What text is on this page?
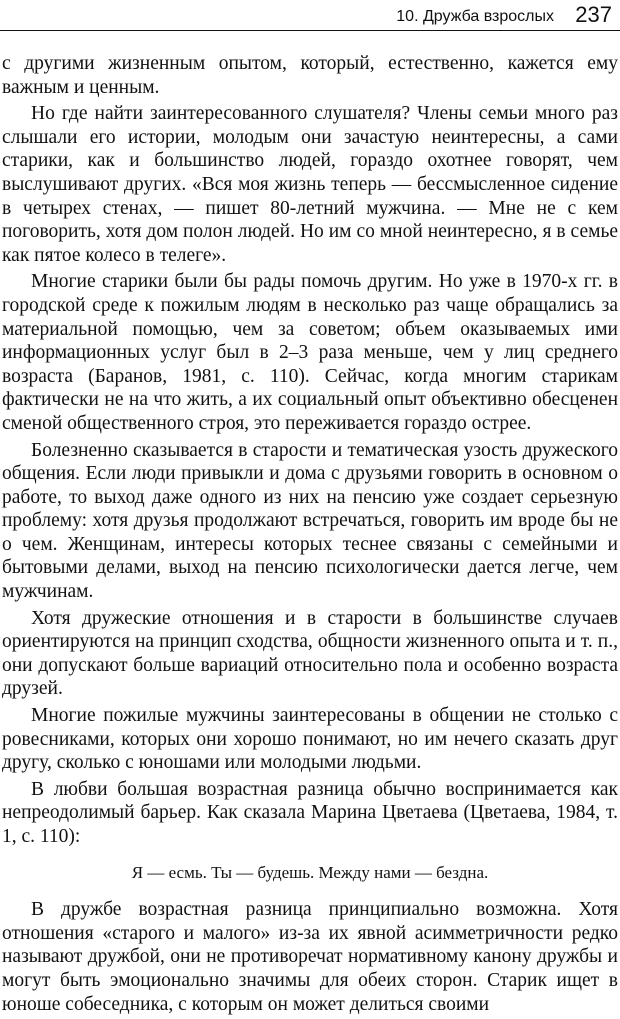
10. Дружба взрослых 237

с другими жизненным опытом, который, естественно, кажется ему важным и ценным.

Но где найти заинтересованного слушателя? Члены семьи много раз слышали его истории, молодым они зачастую неинтересны, а сами старики, как и большинство людей, гораздо охотнее говорят, чем выслушивают других. «Вся моя жизнь теперь — бессмысленное сидение в четырех стенах, — пишет 80-летний мужчина. — Мне не с кем поговорить, хотя дом полон людей. Но им со мной неинтересно, я в семье как пятое колесо в телеге».

Многие старики были бы рады помочь другим. Но уже в 1970-х гг. в городской среде к пожилым людям в несколько раз чаще обращались за материальной помощью, чем за советом; объем оказываемых ими информационных услуг был в 2–3 раза меньше, чем у лиц среднего возраста (Баранов, 1981, с. 110). Сейчас, когда многим старикам фактически не на что жить, а их социальный опыт объективно обесценен сменой общественного строя, это переживается гораздо острее.

Болезненно сказывается в старости и тематическая узость дружеского общения. Если люди привыкли и дома с друзьями говорить в основном о работе, то выход даже одного из них на пенсию уже создает серьезную проблему: хотя друзья продолжают встречаться, говорить им вроде бы не о чем. Женщинам, интересы которых теснее связаны с семейными и бытовыми делами, выход на пенсию психологически дается легче, чем мужчинам.

Хотя дружеские отношения и в старости в большинстве случаев ориентируются на принцип сходства, общности жизненного опыта и т. п., они допускают больше вариаций относительно пола и особенно возраста друзей.

Многие пожилые мужчины заинтересованы в общении не столько с ровесниками, которых они хорошо понимают, но им нечего сказать друг другу, сколько с юношами или молодыми людьми.

В любви большая возрастная разница обычно воспринимается как непреодолимый барьер. Как сказала Марина Цветаева (Цветаева, 1984, т. 1, с. 110):

Я — есмь. Ты — будешь. Между нами — бездна.

В дружбе возрастная разница принципиально возможна. Хотя отношения «старого и малого» из-за их явной асимметричности редко называют дружбой, они не противоречат нормативному канону дружбы и могут быть эмоционально значимы для обеих сторон. Старик ищет в юноше собеседника, с которым он может делиться своими
